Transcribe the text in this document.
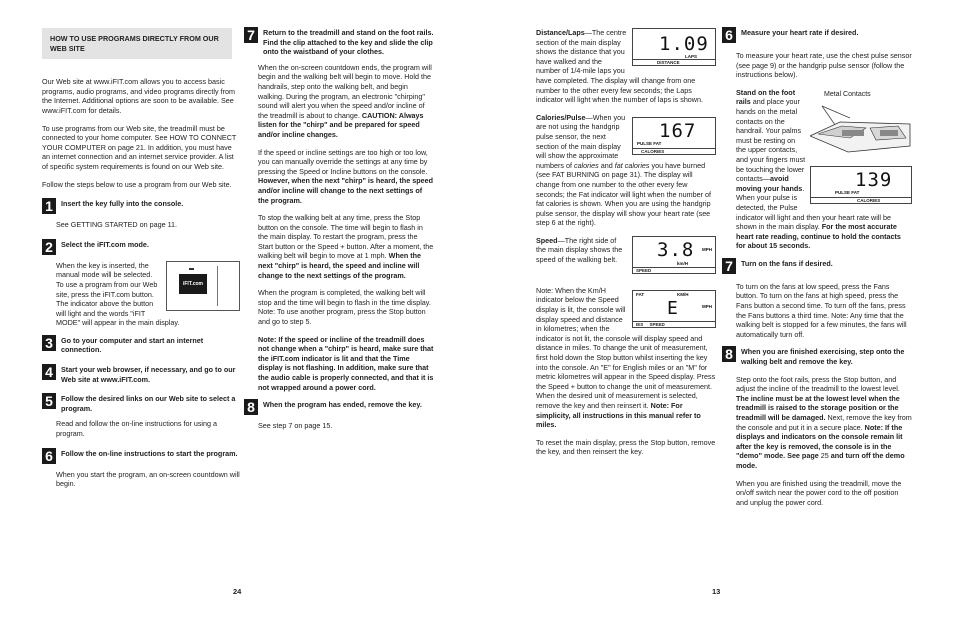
HOW TO USE PROGRAMS DIRECTLY FROM OUR WEB SITE

Our Web site at www.iFIT.com allows you to access basic programs, audio programs, and video programs directly from the Internet. Additional options are soon to be available. See www.iFIT.com for details.

To use programs from our Web site, the treadmill must be connected to your home computer. See HOW TO CONNECT YOUR COMPUTER on page 21. In addition, you must have an internet connection and an internet service provider. A list of specific system requirements is found on our Web site.

Follow the steps below to use a program from our Web site.

1	Insert the key fully into the console.

See GETTING STARTED on page 11.

2	Select the iFIT.com mode.
iFIT.com

When the key is inserted, the manual mode will be selected. To use a program from our Web site, press the iFIT.com button. The indicator above the button will light and the words "iFIT MODE" will appear in the main display.

3	Go to your computer and start an internet connection.
4	Start your web browser, if necessary, and go to our Web site at www.iFIT.com.
5	Follow the desired links on our Web site to select a program.

Read and follow the on-line instructions for using a program.

6	Follow the on-line instructions to start the program.

When you start the program, an on-screen countdown will begin.

7	Return to the treadmill and stand on the foot rails. Find the clip attached to the key and slide the clip onto the waistband of your clothes.

When the on-screen countdown ends, the program will begin and the walking belt will begin to move. Hold the handrails, step onto the walking belt, and begin walking. During the program, an electronic "chirping" sound will alert you when the speed and/or incline of the treadmill is about to change. CAUTION: Always listen for the "chirp" and be prepared for speed and/or incline changes.

If the speed or incline settings are too high or too low, you can manually override the settings at any time by pressing the Speed or Incline buttons on the console. However, when the next "chirp" is heard, the speed and/or incline will change to the next settings of the program.

To stop the walking belt at any time, press the Stop button on the console. The time will begin to flash in the main display. To restart the program, press the Start button or the Speed + button. After a moment, the walking belt will begin to move at 1 mph. When the next "chirp" is heard, the speed and incline will change to the next settings of the program.

When the program is completed, the walking belt will stop and the time will begin to flash in the time display. Note: To use another program, press the Stop button and go to step 5.

Note: If the speed or incline of the treadmill does not change when a "chirp" is heard, make sure that the iFIT.com indicator is lit and that the Time display is not flashing. In addition, make sure that the audio cable is properly connected, and that it is not wrapped around a power cord.

8	When the program has ended, remove the key.

See step 7 on page 15.

24
1.09
LAPS
DISTANCE

Distance/Laps—The centre section of the main display shows the distance that you have walked and the number of 1/4-mile laps you have completed. The display will change from one number to the other every few seconds; the Laps indicator will light when the number of laps is shown.

167
PULSE FAT
CALORIES

Calories/Pulse—When you are not using the handgrip pulse sensor, the next section of the main display will show the approximate numbers of calories and fat calories you have burned (see FAT BURNING on page 31). The display will change from one number to the other every few seconds; the Fat indicator will light when the number of fat calories is shown. When you are using the handgrip pulse sensor, the display will show your heart rate (see step 6 at the right).

3.8
km/H
MPH
SPEED

Speed—The right side of the main display shows the speed of the walking belt.

FAT	KM/H
E	MPH
IES SPEED

Note: When the Km/H indicator below the Speed display is lit, the console will display speed and distance in kilometres; when the indicator is not lit, the console will display speed and distance in miles. To change the unit of measurement, first hold down the Stop button whilst inserting the key into the console. An "E" for English miles or an "M" for metric kilometres will appear in the Speed display. Press the Speed + button to change the unit of measurement. When the desired unit of measurement is selected, remove the key and then reinsert it. Note: For simplicity, all instructions in this manual refer to miles.

To reset the main display, press the Stop button, remove the key, and then reinsert the key.

6	Measure your heart rate if desired.

To measure your heart rate, use the chest pulse sensor (see page 9) or the handgrip pulse sensor (follow the instructions below).

Metal Contacts
139
PULSE FAT
CALORIES

Stand on the foot rails and place your hands on the metal contacts on the handrail. Your palms must be resting on the upper contacts, and your fingers must be touching the lower contacts—avoid moving your hands. When your pulse is detected, the Pulse indicator will light and then your heart rate will be shown in the main display. For the most accurate heart rate reading, continue to hold the contacts for about 15 seconds.

7	Turn on the fans if desired.

To turn on the fans at low speed, press the Fans button. To turn on the fans at high speed, press the Fans button a second time. To turn off the fans, press the Fans buttons a third time. Note: Any time that the walking belt is stopped for a few minutes, the fans will automatically turn off.

8	When you are finished exercising, step onto the walking belt and remove the key.

Step onto the foot rails, press the Stop button, and adjust the incline of the treadmill to the lowest level. The incline must be at the lowest level when the treadmill is raised to the storage position or the treadmill will be damaged. Next, remove the key from the console and put it in a secure place. Note: If the displays and indicators on the console remain lit after the key is removed, the console is in the "demo" mode. See page 25 and turn off the demo mode.

When you are finished using the treadmill, move the on/off switch near the power cord to the off position and unplug the power cord.

13
